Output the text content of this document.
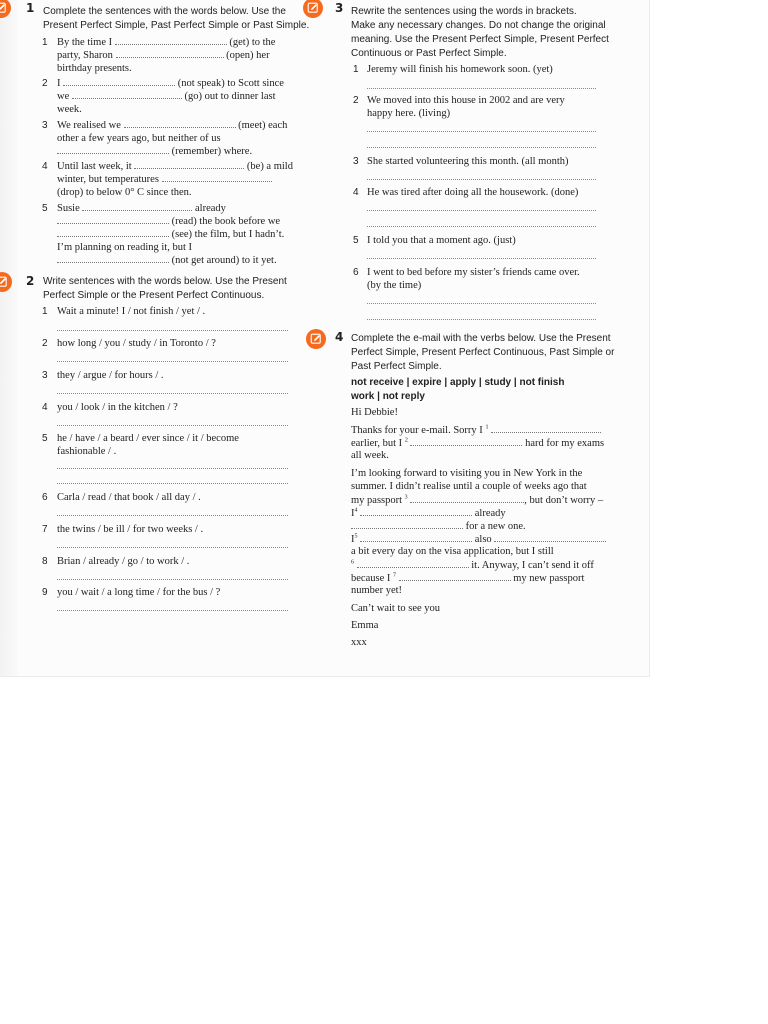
1 Complete the sentences with the words below. Use the
Present Perfect Simple, Past Perfect Simple or Past Simple.
1 By the time I	(get) to the
party, Sharon	(open) her
birthday presents.
2 I	(not speak) to Scott since
we	(go) out to dinner last
week.
3 We realised we	(meet) each
other a few years ago, but neither of us
(remember) where.
4 Until last week, it	(be) a mild
winter, but temperatures
(drop) to below 0° C since then.
5 Susie	already
(read) the book before we
(see) the film, but I hadn’t.
I’m planning on reading it, but I
(not get around) to it yet.
2 Write sentences with the words below. Use the Present
Perfect Simple or the Present Perfect Continuous.
1 Wait a minute! I / not finish / yet / .
2 how long / you / study / in Toronto / ?
3 they / argue / for hours / .
4 you / look / in the kitchen / ?
5 he / have / a beard / ever since / it / become
fashionable / .
6 Carla / read / that book / all day / .
7 the twins / be ill / for two weeks / .
8 Brian / already / go / to work / .
9 you / wait / a long time / for the bus / ?
3 Rewrite the sentences using the words in brackets.
Make any necessary changes. Do not change the original
meaning. Use the Present Perfect Simple, Present Perfect
Continuous or Past Perfect Simple.
1 Jeremy will finish his homework soon. (yet)
2 We moved into this house in 2002 and are very
happy here. (living)
3 She started volunteering this month. (all month)
4 He was tired after doing all the housework. (done)
5 I told you that a moment ago. (just)
6 I went to bed before my sister’s friends came over.
(by the time)
4 Complete the e-mail with the verbs below. Use the Present
Perfect Simple, Present Perfect Continuous, Past Simple or
Past Perfect Simple.
not receive | expire | apply | study | not finish
work | not reply
Hi Debbie!
Thanks for your e-mail. Sorry I $^1$
earlier, but I $^2$	hard for my exams
all week.
I’m looking forward to visiting you in New York in the
summer. I didn’t realise until a couple of weeks ago that
my passport $^3$	, but don’t worry –
$I^4$	already
for a new one.
$I^5$	also
a bit every day on the visa application, but I still
$^6$	it. Anyway, I can’t send it off
because I $^7$	my new passport
number yet!
Can’t wait to see you
Emma
xxx
